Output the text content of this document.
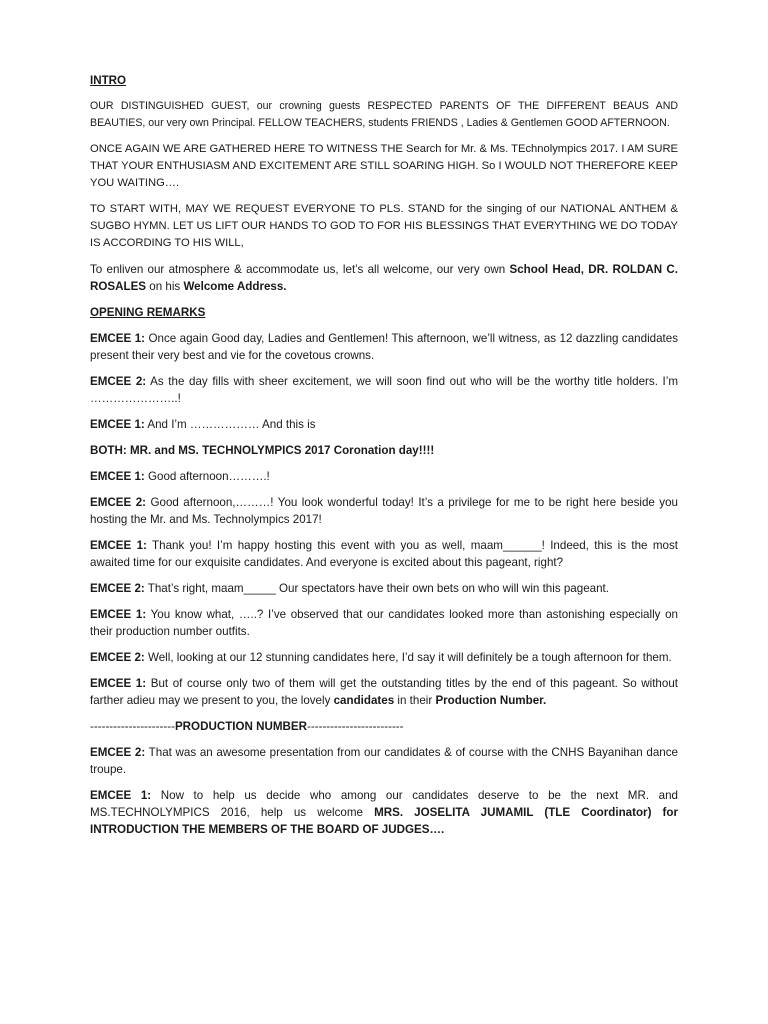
INTRO

OUR DISTINGUISHED GUEST, our crowning guests RESPECTED PARENTS OF THE DIFFERENT BEAUS AND BEAUTIES, our very own Principal. FELLOW TEACHERS, students FRIENDS , Ladies & Gentlemen GOOD AFTERNOON.

ONCE AGAIN WE ARE GATHERED HERE TO WITNESS THE Search for Mr. & Ms. TEchnolympics 2017. I AM SURE THAT YOUR ENTHUSIASM AND EXCITEMENT ARE STILL SOARING HIGH. So I WOULD NOT THEREFORE KEEP YOU WAITING….

TO START WITH, MAY WE REQUEST EVERYONE TO PLS. STAND for the singing of our NATIONAL ANTHEM & SUGBO HYMN. LET US LIFT OUR HANDS TO GOD TO FOR HIS BLESSINGS THAT EVERYTHING WE DO TODAY IS ACCORDING TO HIS WILL,

To enliven our atmosphere & accommodate us, let’s all welcome, our very own School Head, DR. ROLDAN C. ROSALES on his Welcome Address.

OPENING REMARKS

EMCEE 1: Once again Good day, Ladies and Gentlemen! This afternoon, we’ll witness, as 12 dazzling candidates present their very best and vie for the covetous crowns.

EMCEE 2: As the day fills with sheer excitement, we will soon find out who will be the worthy title holders. I’m …………………..!

EMCEE 1: And I’m ……………… And this is

BOTH: MR. and MS. TECHNOLYMPICS 2017 Coronation day!!!!

EMCEE 1: Good afternoon……….!

EMCEE 2: Good afternoon,………! You look wonderful today! It’s a privilege for me to be right here beside you hosting the Mr. and Ms. Technolympics 2017!

EMCEE 1: Thank you! I’m happy hosting this event with you as well, maam______! Indeed, this is the most awaited time for our exquisite candidates. And everyone is excited about this pageant, right?

EMCEE 2: That’s right, maam_____ Our spectators have their own bets on who will win this pageant.

EMCEE 1: You know what, …..? I’ve observed that our candidates looked more than astonishing especially on their production number outfits.

EMCEE 2: Well, looking at our 12 stunning candidates here, I’d say it will definitely be a tough afternoon for them.

EMCEE 1: But of course only two of them will get the outstanding titles by the end of this pageant. So without farther adieu may we present to you, the lovely candidates in their Production Number.

----------------------PRODUCTION NUMBER-------------------------

EMCEE 2: That was an awesome presentation from our candidates & of course with the CNHS Bayanihan dance troupe.

EMCEE 1: Now to help us decide who among our candidates deserve to be the next MR. and MS.TECHNOLYMPICS 2016, help us welcome MRS. JOSELITA JUMAMIL (TLE Coordinator) for INTRODUCTION THE MEMBERS OF THE BOARD OF JUDGES….
